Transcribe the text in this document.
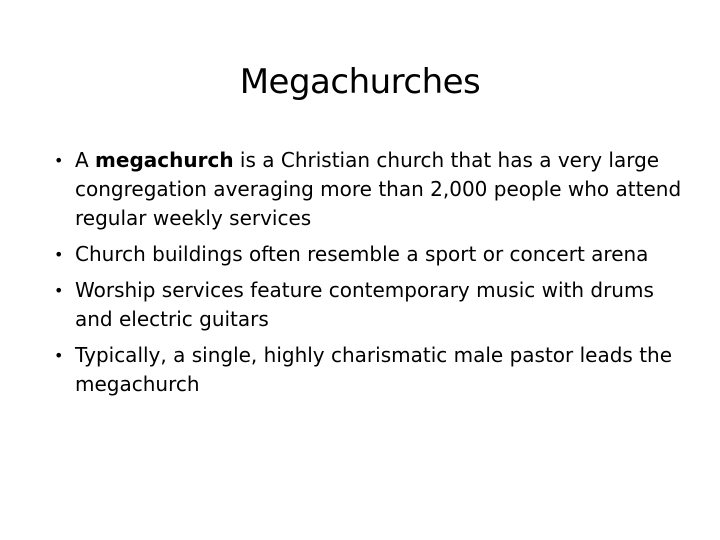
Megachurches
• A megachurch is a Christian church that has a very large congregation averaging more than 2,000 people who attend regular weekly services
• Church buildings often resemble a sport or concert arena
• Worship services feature contemporary music with drums and electric guitars
• Typically, a single, highly charismatic male pastor leads the megachurch
